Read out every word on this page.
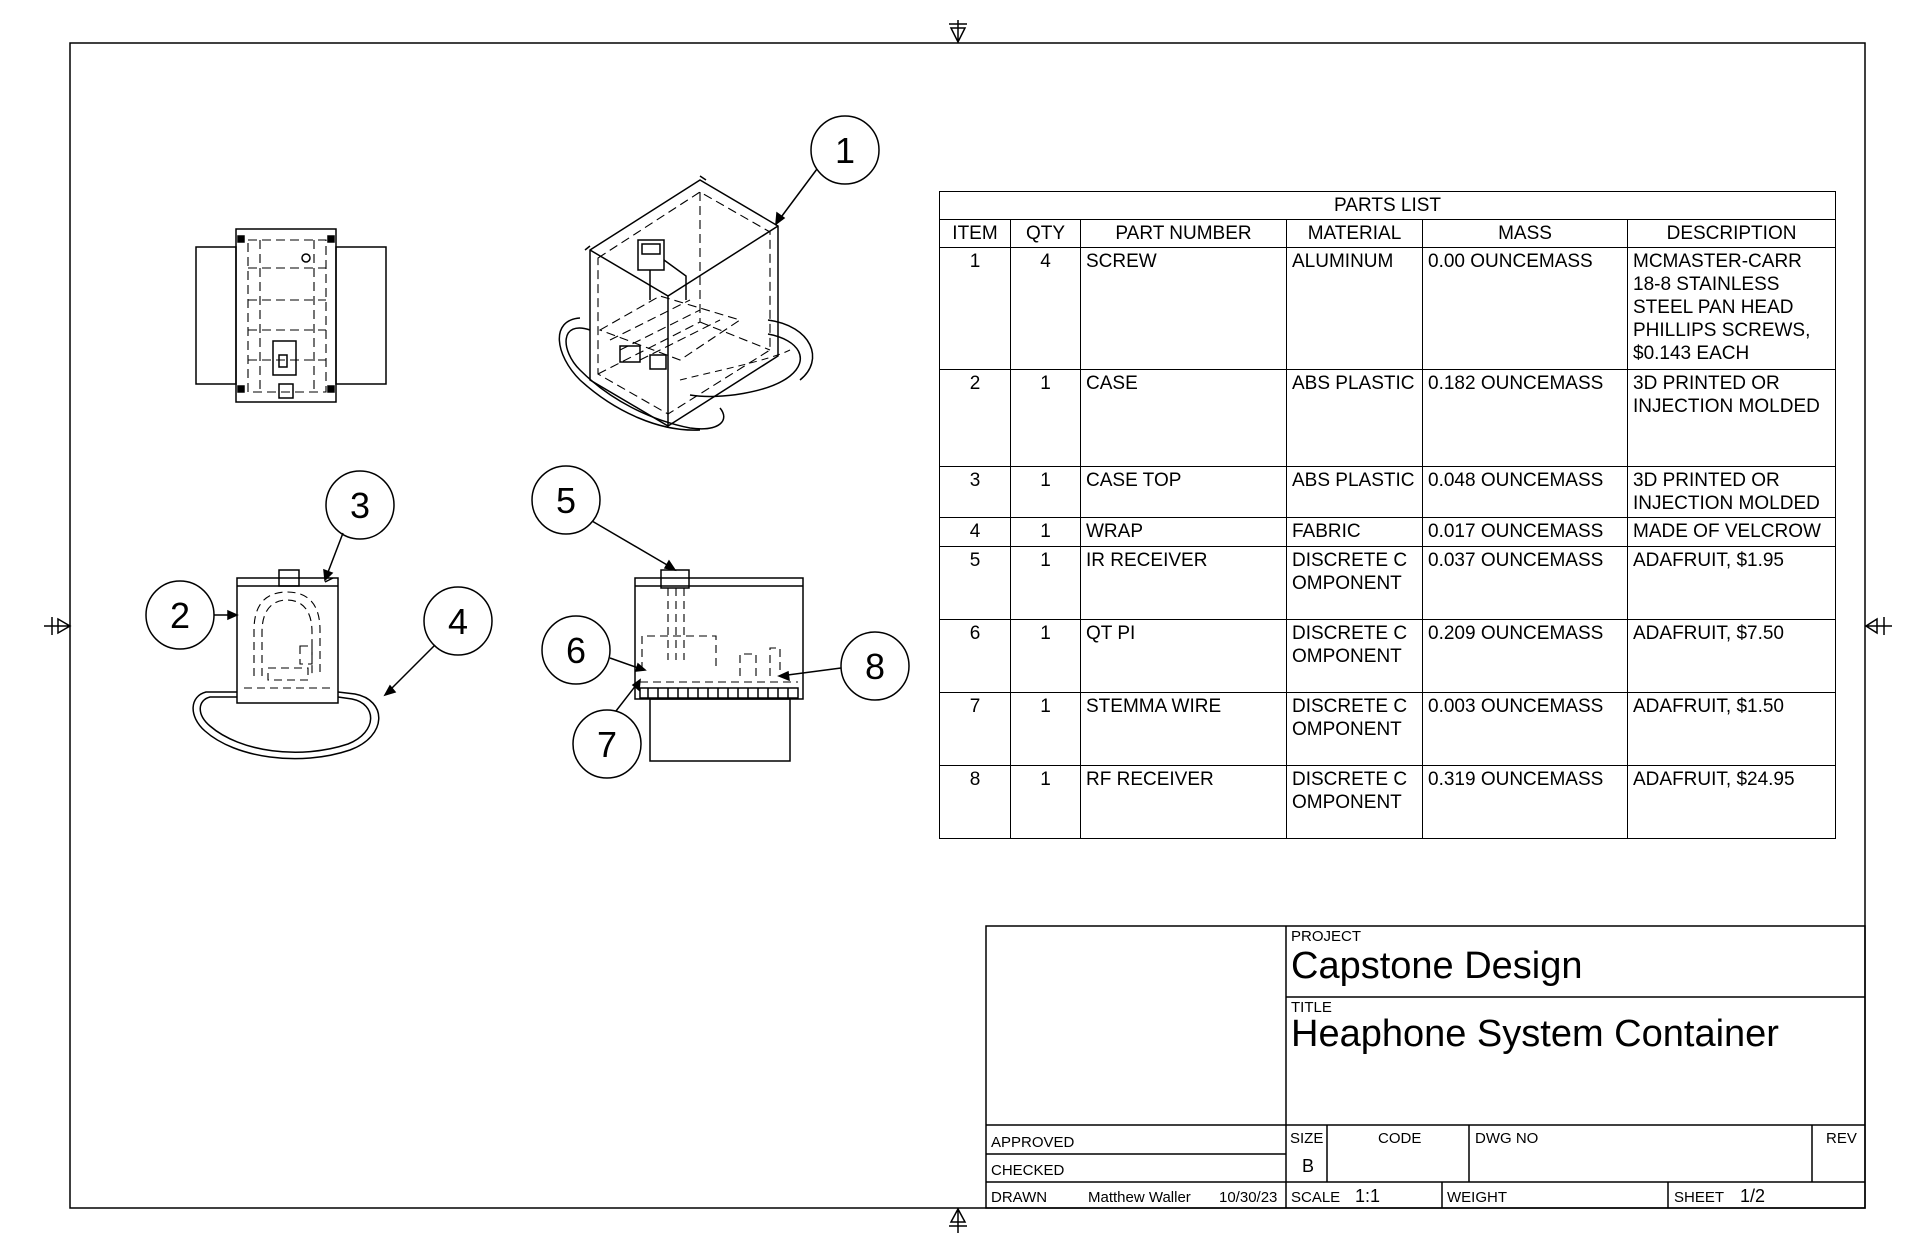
1
2
3
4
5
6
7
8
PARTS LIST					
ITEM	QTY	PART NUMBER	MATERIAL	MASS	DESCRIPTION
1	4	SCREW	ALUMINUM	0.00 OUNCEMASS	MCMASTER-CARR 18-8 STAINLESS STEEL PAN HEAD PHILLIPS SCREWS, $0.143 EACH
2	1	CASE	ABS PLASTIC	0.182 OUNCEMASS	3D PRINTED OR INJECTION MOLDED
3	1	CASE TOP	ABS PLASTIC	0.048 OUNCEMASS	3D PRINTED OR INJECTION MOLDED
4	1	WRAP	FABRIC	0.017 OUNCEMASS	MADE OF VELCROW
5	1	IR RECEIVER	DISCRETE COMPONENT	0.037 OUNCEMASS	ADAFRUIT, $1.95
6	1	QT PI	DISCRETE COMPONENT	0.209 OUNCEMASS	ADAFRUIT, $7.50
7	1	STEMMA WIRE	DISCRETE COMPONENT	0.003 OUNCEMASS	ADAFRUIT, $1.50
8	1	RF RECEIVER	DISCRETE COMPONENT	0.319 OUNCEMASS	ADAFRUIT, $24.95
PROJECT
Capstone Design
TITLE
Heaphone System Container
APPROVED
CHECKED
DRAWN	Matthew Waller 10/30/23
SIZE
B
CODE	DWG NO	REV
SCALE 1:1	WEIGHT	SHEET 1/2
